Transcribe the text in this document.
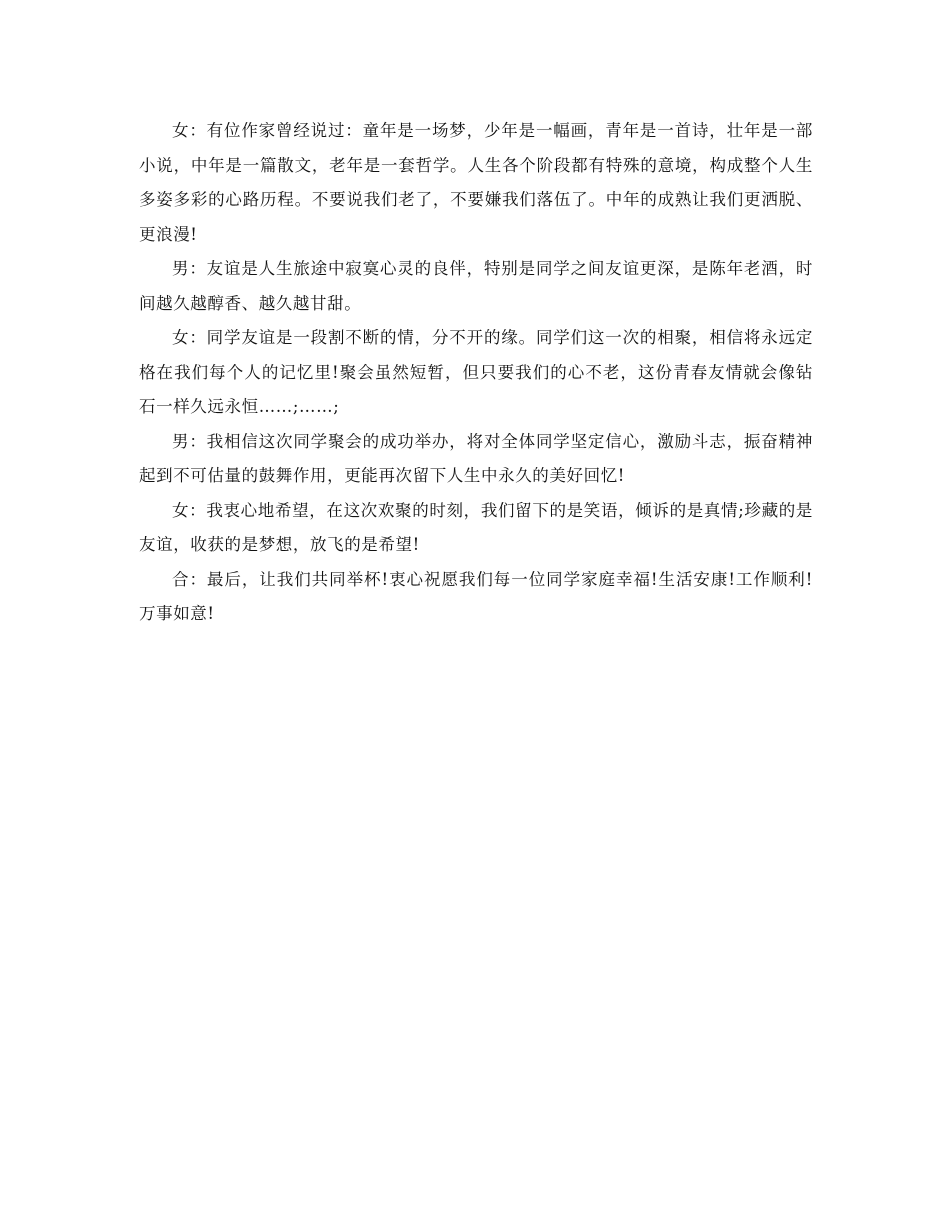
女：有位作家曾经说过：童年是一场梦，少年是一幅画，青年是一首诗，壮年是一部小说，中年是一篇散文，老年是一套哲学。人生各个阶段都有特殊的意境，构成整个人生多姿多彩的心路历程。不要说我们老了，不要嫌我们落伍了。中年的成熟让我们更洒脱、更浪漫!

男：友谊是人生旅途中寂寞心灵的良伴，特别是同学之间友谊更深，是陈年老酒，时间越久越醇香、越久越甘甜。

女：同学友谊是一段割不断的情，分不开的缘。同学们这一次的相聚，相信将永远定格在我们每个人的记忆里!聚会虽然短暂，但只要我们的心不老，这份青春友情就会像钻石一样久远永恒……;……;

男：我相信这次同学聚会的成功举办，将对全体同学坚定信心，激励斗志，振奋精神起到不可估量的鼓舞作用，更能再次留下人生中永久的美好回忆!

女：我衷心地希望，在这次欢聚的时刻，我们留下的是笑语，倾诉的是真情;珍藏的是友谊，收获的是梦想，放飞的是希望!

合：最后，让我们共同举杯!衷心祝愿我们每一位同学家庭幸福!生活安康!工作顺利!万事如意!
